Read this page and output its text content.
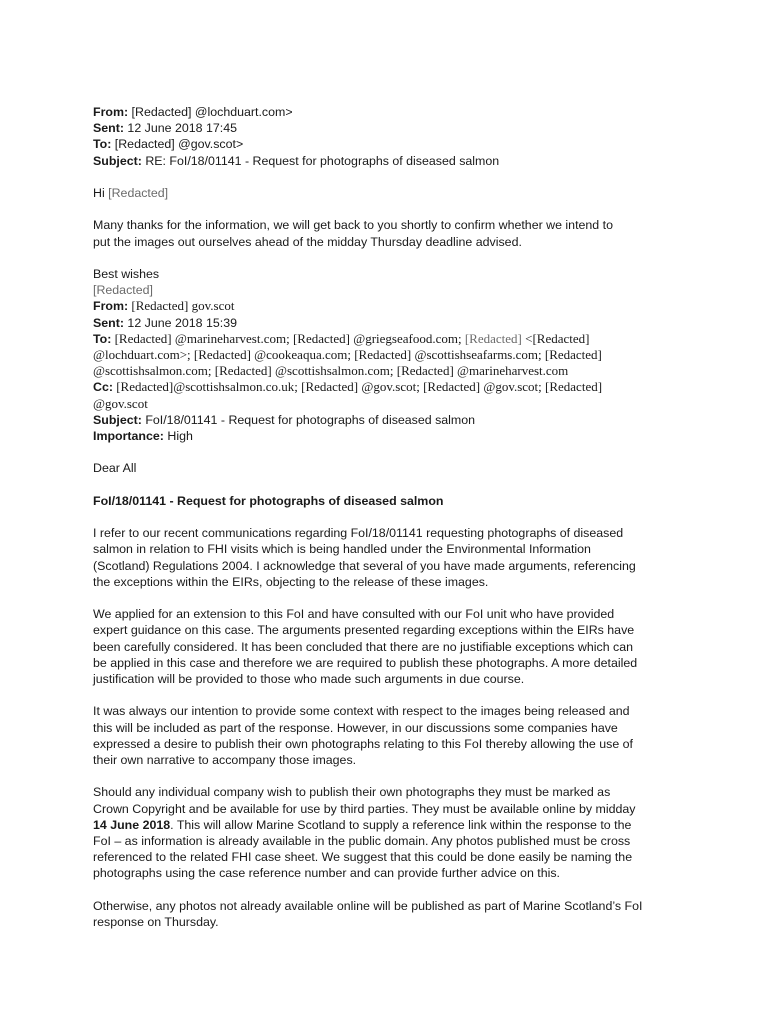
From: [Redacted] @lochduart.com>
Sent: 12 June 2018 17:45
To: [Redacted] @gov.scot>
Subject: RE: FoI/18/01141 - Request for photographs of diseased salmon
Hi [Redacted]
Many thanks for the information, we will get back to you shortly to confirm whether we intend to
put the images out ourselves ahead of the midday Thursday deadline advised.
Best wishes
[Redacted]
From: [Redacted] gov.scot
Sent: 12 June 2018 15:39
To: [Redacted] @marineharvest.com; [Redacted] @griegseafood.com; [Redacted] <[Redacted]
@lochduart.com>; [Redacted] @cookeaqua.com; [Redacted] @scottishseafarms.com; [Redacted]
@scottishsalmon.com; [Redacted] @scottishsalmon.com; [Redacted] @marineharvest.com
Cc: [Redacted]@scottishsalmon.co.uk; [Redacted] @gov.scot; [Redacted] @gov.scot; [Redacted]
@gov.scot
Subject: FoI/18/01141 - Request for photographs of diseased salmon
Importance: High
Dear All
FoI/18/01141 - Request for photographs of diseased salmon
I refer to our recent communications regarding FoI/18/01141 requesting photographs of diseased
salmon in relation to FHI visits which is being handled under the Environmental Information
(Scotland) Regulations 2004. I acknowledge that several of you have made arguments, referencing
the exceptions within the EIRs, objecting to the release of these images.
We applied for an extension to this FoI and have consulted with our FoI unit who have provided
expert guidance on this case. The arguments presented regarding exceptions within the EIRs have
been carefully considered. It has been concluded that there are no justifiable exceptions which can
be applied in this case and therefore we are required to publish these photographs. A more detailed
justification will be provided to those who made such arguments in due course.
It was always our intention to provide some context with respect to the images being released and
this will be included as part of the response. However, in our discussions some companies have
expressed a desire to publish their own photographs relating to this FoI thereby allowing the use of
their own narrative to accompany those images.
Should any individual company wish to publish their own photographs they must be marked as
Crown Copyright and be available for use by third parties. They must be available online by midday
14 June 2018. This will allow Marine Scotland to supply a reference link within the response to the
FoI – as information is already available in the public domain. Any photos published must be cross
referenced to the related FHI case sheet. We suggest that this could be done easily be naming the
photographs using the case reference number and can provide further advice on this.
Otherwise, any photos not already available online will be published as part of Marine Scotland’s FoI
response on Thursday.
